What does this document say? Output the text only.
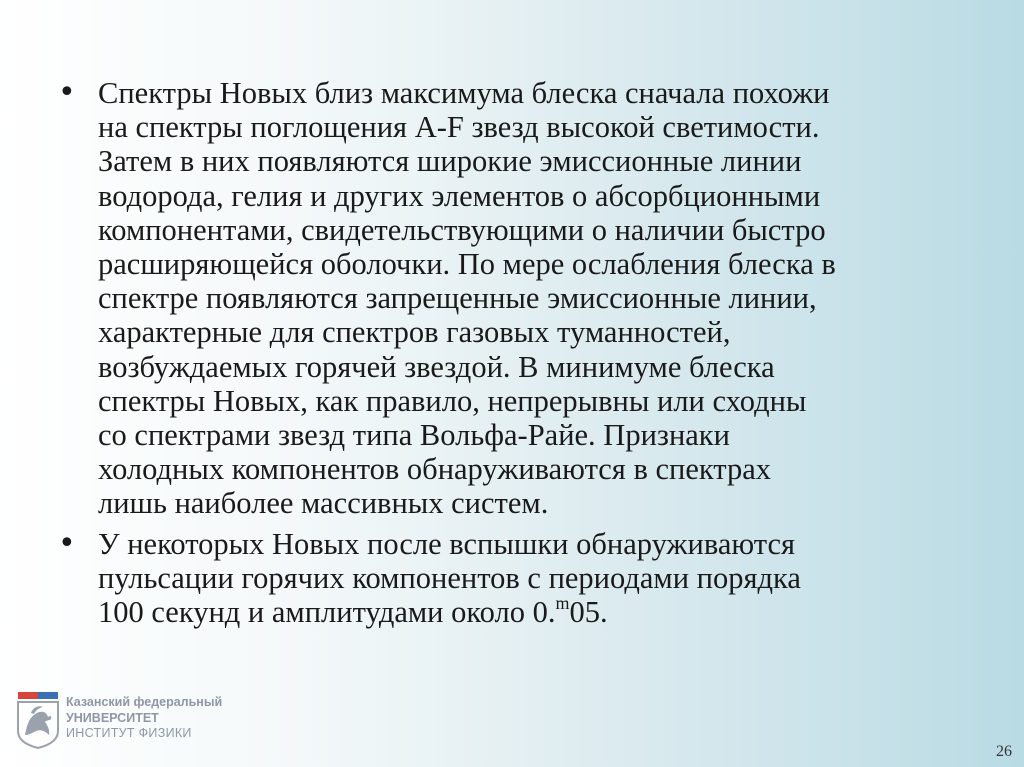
• Спектры Новых близ максимума блеска сначала похожи
на спектры поглощения A-F звезд высокой светимости.
Затем в них появляются широкие эмиссионные линии
водорода, гелия и других элементов о абсорбционными
компонентами, свидетельствующими о наличии быстро
расширяющейся оболочки. По мере ослабления блеска в
спектре появляются запрещенные эмиссионные линии,
характерные для спектров газовых туманностей,
возбуждаемых горячей звездой. В минимуме блеска
спектры Новых, как правило, непрерывны или сходны
со спектрами звезд типа Вольфа-Райе. Признаки
холодных компонентов обнаруживаются в спектрах
лишь наиболее массивных систем.
• У некоторых Новых после вспышки обнаруживаются
пульсации горячих компонентов с периодами порядка
100 секунд и амплитудами около 0.$^m$05.
Казанский федеральный
УНИВЕРСИТЕТ
ИНСТИТУТ ФИЗИКИ
26
